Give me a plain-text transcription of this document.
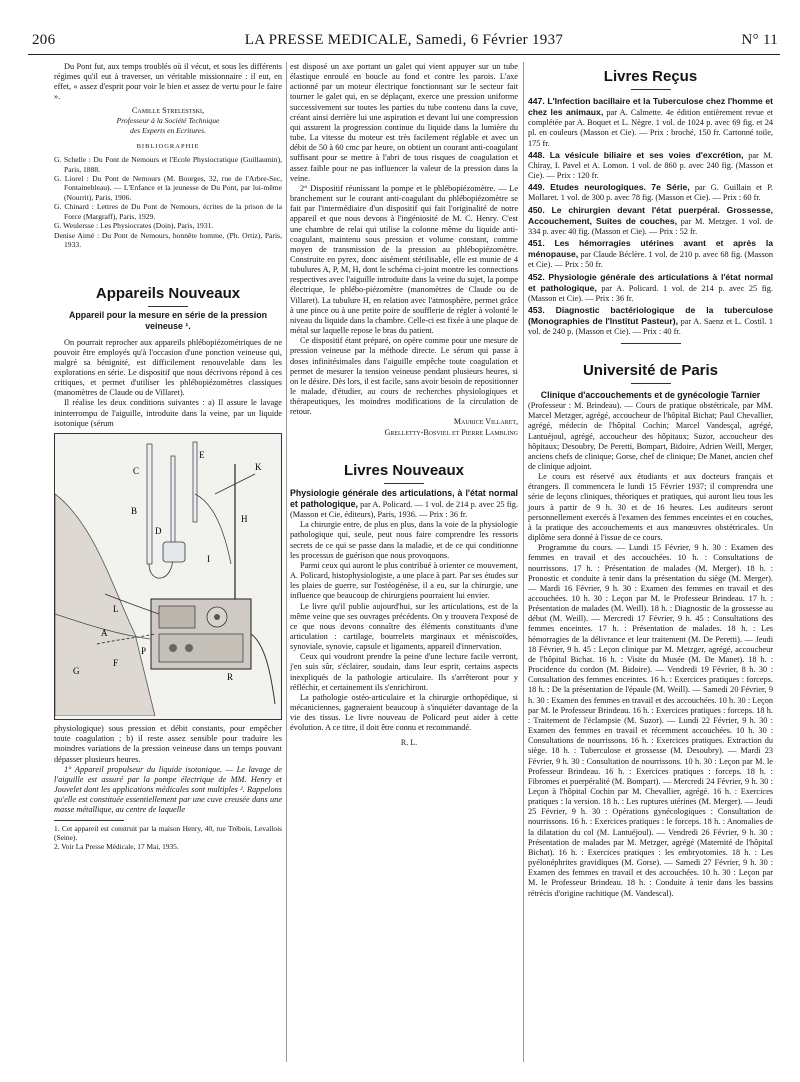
206	LA PRESSE MEDICALE, Samedi, 6 Février 1937	N° 11

Du Pont fut, aux temps troublés où il vécut, et sous les différents régimes qu'il eut à traverser, un véritable missionnaire : il eut, en effet, « assez d'esprit pour voir le bien et assez de vertu pour le faire ».

Camille Strelestski,

Professeur à la Société Technique

des Experts en Ecritures.

BIBLIOGRAPHIE

G. Schelle : Du Pont de Nemours et l'Ecole Physiocratique (Guillaumin), Paris, 1888.

G. Liorel : Du Pont de Nemours (M. Bourges, 32, rue de l'Arbre-Sec, Fontainebleau). — L'Enfance et la jeunesse de Du Pont, par lui-même (Nourrit), Paris, 1906.

G. Chinard : Lettres de Du Pont de Nemours, écrites de la prison de la Force (Margraff), Paris, 1929.

G. Weulersse : Les Physiocrates (Doin), Paris, 1931.

Denise Aimé : Du Pont de Nemours, honnête homme, (Ph. Ortiz), Paris, 1933.

Appareils Nouveaux
Appareil pour la mesure en série de la pression veineuse ¹.

On pourrait reprocher aux appareils phlébopiézométriques de ne pouvoir être employés qu'à l'occasion d'une ponction veineuse qui, malgré sa bénignité, est difficilement renouvelable dans les explorations en série. Le dispositif que nous décrivons répond à ces critiques, et permet d'utiliser les phlébopiézomètres classiques (manomètres de Claude ou de Villaret).

Il réalise les deux conditions suivantes : a) Il assure le lavage ininterrompu de l'aiguille, introduite dans la veine, par un liquide isotonique (sérum

C
B
D
E
K
H
I
L
A
P
F
G
R

physiologique) sous pression et débit constants, pour empêcher toute coagulation ; b) il reste assez sensible pour traduire les moindres variations de la pression veineuse dans un temps pouvant dépasser plusieurs heures.

1° Appareil propulseur du liquide isotonique. — Le lavage de l'aiguille est assuré par la pompe électrique de MM. Henry et Jouvelet dont les applications médicales sont multiples ². Rappelons qu'elle est constituée essentiellement par une cuve creusée dans une masse métallique, au centre de laquelle

1. Cet appareil est construit par la maison Henry, 40, rue Trébois, Levallois (Seine).

2. Voir La Presse Médicale, 17 Mai, 1935.

est disposé un axe portant un galet qui vient appuyer sur un tube élastique enroulé en boucle au fond et contre les parois. L'axe actionné par un moteur électrique fonctionnant sur le secteur fait tourner le galet qui, en se déplaçant, exerce une pression uniforme successivement sur toutes les parties du tube contenu dans la cuve, créant ainsi derrière lui une aspiration et devant lui une compression qui assurent la progression continue du liquide dans la lumière du tube. La vitesse du moteur est très facilement réglable et avec un débit de 50 à 60 cmc par heure, on obtient un courant anti-coagulant suffisant pour se mettre à l'abri de tous risques de coagulation et assez faible pour ne pas influencer la valeur de la pression dans la veine.

2° Dispositif réunissant la pompe et le phlébopiézomètre. — Le branchement sur le courant anti-coagulant du phlébopiézomètre se fait par l'intermédiaire d'un dispositif qui fait l'originalité de notre appareil et que nous devons à l'ingéniosité de M. C. Henry. C'est une chambre de relai qui utilise la colonne même du liquide anti-coagulant, maintenu sous pression et volume constant, comme moyen de transmission de la pression au phlébopiézomètre. Construite en pyrex, donc aisément stérilisable, elle est munie de 4 tubulures A, P, M, H, dont le schéma ci-joint montre les connections respectives avec l'aiguille introduite dans la veine du sujet, la pompe électrique, le phlébo-piézomètre (manomètres de Claude ou de Villaret). La tubulure H, en relation avec l'atmosphère, permet grâce à une pince ou à une petite poire de soufflerie de régler à volonté le niveau du liquide dans la chambre. Celle-ci est fixée à une plaque de métal sur laquelle repose le bras du patient.

Ce dispositif étant préparé, on opère comme pour une mesure de pression veineuse par la méthode directe. Le sérum qui passe à doses infinitésimales dans l'aiguille empêche toute coagulation et permet de mesurer la tension veineuse pendant plusieurs heures, si on le désire. Dès lors, il est facile, sans avoir besoin de repositionner le malade, d'étudier, au cours de recherches physiologiques et thérapeutiques, les moindres modifications de la circulation de retour.

Maurice Villaret,

Grelletty-Bosviel et Pierre Lambling

Livres Nouveaux

Physiologie générale des articulations, à l'état normal et pathologique, par A. Policard. — 1 vol. de 214 p. avec 25 fig. (Masson et Cie, éditeurs), Paris, 1936. — Prix : 36 fr.

La chirurgie entre, de plus en plus, dans la voie de la physiologie pathologique qui, seule, peut nous faire comprendre les ressorts secrets de ce qui se passe dans la maladie, et de ce qui conditionne les processus de guérison que nous provoquons.

Parmi ceux qui auront le plus contribué à orienter ce mouvement, A. Policard, histophysiologiste, a une place à part. Par ses études sur les plaies de guerre, sur l'ostéogénèse, il a eu, sur la chirurgie, une influence que beaucoup de chirurgiens pourraient lui envier.

Le livre qu'il publie aujourd'hui, sur les articulations, est de la même veine que ses ouvrages précédents. On y trouvera l'exposé de ce que nous devons connaître des éléments constituants d'une articulation : cartilage, bourrelets marginaux et méniscoïdes, synoviale, synovie, capsule et ligaments, appareil d'innervation.

Ceux qui voudront prendre la peine d'une lecture facile verront, j'en suis sûr, s'éclairer, soudain, dans leur esprit, certains aspects inexpliqués de la pathologie articulaire. Ils s'arrêteront pour y réfléchir, et certainement ils s'enrichiront.

La pathologie ostéo-articulaire et la chirurgie orthopédique, si mécaniciennes, gagneraient beaucoup à s'inquiéter davantage de la vie des tissus. Le livre nouveau de Policard peut aider à cette évolution. A ce titre, il doit être connu et recommandé.

R. L.

Livres Reçus

447. L'Infection bacillaire et la Tuberculose chez l'homme et chez les animaux, par A. Calmette. 4e édition entièrement revue et complétée par A. Boquet et L. Nègre. 1 vol. de 1024 p. avec 69 fig. et 24 pl. en couleurs (Masson et Cie). — Prix : broché, 150 fr. Cartonné toile, 175 fr.

448. La vésicule biliaire et ses voies d'excrétion, par M. Chiray, I. Pavel et A. Lomon. 1 vol. de 860 p. avec 240 fig. (Masson et Cie). — Prix : 120 fr.

449. Etudes neurologiques. 7e Série, par G. Guillain et P. Mollaret. 1 vol. de 300 p. avec 78 fig. (Masson et Cie). — Prix : 60 fr.

450. Le chirurgien devant l'état puerpéral. Grossesse, Accouchement, Suites de couches, par M. Metzger. 1 vol. de 334 p. avec 40 fig. (Masson et Cie). — Prix : 52 fr.

451. Les hémorragies utérines avant et après la ménopause, par Claude Béclère. 1 vol. de 210 p. avec 68 fig. (Masson et Cie). — Prix : 50 fr.

452. Physiologie générale des articulations à l'état normal et pathologique, par A. Policard. 1 vol. de 214 p. avec 25 fig. (Masson et Cie). — Prix : 36 fr.

453. Diagnostic bactériologique de la tuberculose (Monographies de l'Institut Pasteur), par A. Saenz et L. Costil. 1 vol. de 240 p. (Masson et Cie). — Prix : 40 fr.

Université de Paris
Clinique d'accouchements et de gynécologie Tarnier

(Professeur : M. Brindeau). — Cours de pratique obstétricale, par MM. Marcel Metzger, agrégé, accoucheur de l'hôpital Bichat; Paul Chevallier, agrégé, médecin de l'hôpital Cochin; Marcel Vandesçal, agrégé, Lantuéjoul, agrégé, accoucheur des hôpitaux; Suzor, accoucheur des hôpitaux; Desoubry, De Peretti, Bompart, Bidoire, Adrien Weill, Merger, anciens chefs de clinique; Gorse, chef de clinique; De Manet, ancien chef de clinique adjoint.

Le cours est réservé aux étudiants et aux docteurs français et étrangers. Il commencera le lundi 15 Février 1937; il comprendra une série de leçons cliniques, théoriques et pratiques, qui auront lieu tous les jours à partir de 9 h. 30 et de 16 heures. Les auditeurs seront personnellement exercés à l'examen des femmes enceintes et en couches, à la pratique des accouchements et aux manœuvres obstétricales. Un diplôme sera donné à l'issue de ce cours.

Programme du cours. — Lundi 15 Février, 9 h. 30 : Examen des femmes en travail et des accouchées. 10 h. : Consultations de nourrissons. 17 h. : Présentation de malades (M. Merger). 18 h. : Pronostic et conduite à tenir dans la présentation du siège (M. Merger). — Mardi 16 Février, 9 h. 30 : Examen des femmes en travail et des accouchées. 10 h. 30 : Leçon par M. le Professeur Brindeau. 17 h. : Présentation de malades (M. Weill). 18 h. : Diagnostic de la grossesse au début (M. Weill). — Mercredi 17 Février, 9 h. 45 : Consultations des femmes enceintes. 17 h. : Présentation de malades. 18 h. : Les hémorragies de la délivrance et leur traitement (M. De Peretti). — Jeudi 18 Février, 9 h. 45 : Leçon clinique par M. Metzger, agrégé, accoucheur de l'hôpital Bichat. 16 h. : Visite du Musée (M. De Manet). 18 h. : Procidence du cordon (M. Bidoire). — Vendredi 19 Février, 8 h. 30 : Consultation des femmes enceintes. 16 h. : Exercices pratiques : forceps. 18 h. : De la présentation de l'épaule (M. Weill). — Samedi 20 Février, 9 h. 30 : Examen des femmes en travail et des accouchées. 10 h. 30 : Leçon par M. le Professeur Brindeau. 16 h. : Exercices pratiques : forceps. 18 h. : Traitement de l'éclampsie (M. Suzor). — Lundi 22 Février, 9 h. 30 : Examen des femmes en travail et récemment accouchées. 10 h. 30 : Consultations de nourrissons. 16 h. : Exercices pratiques. Extraction du siège. 18 h. : Tuberculose et grossesse (M. Desoubry). — Mardi 23 Février, 9 h. 30 : Consultation de nourrissons. 10 h. 30 : Leçon par M. le Professeur Brindeau. 16 h. : Exercices pratiques : forceps. 18 h. : Fibromes et puerpéralité (M. Bompart). — Mercredi 24 Février, 9 h. 30 : Leçon à l'hôpital Cochin par M. Chevallier, agrégé. 16 h. : Exercices pratiques : la version. 18 h. : Les ruptures utérines (M. Merger). — Jeudi 25 Février, 9 h. 30 : Opérations gynécologiques : Consultation de nourrissons. 16 h. : Exercices pratiques : le forceps. 18 h. : Anomalies de la dilatation du col (M. Lantuéjoul). — Vendredi 26 Février, 9 h. 30 : Présentation de malades par M. Metzger, agrégé (Maternité de l'hôpital Bichat). 16 h. : Exercices pratiques : les embryotomies. 18 h. : Les pyélonéphrites gravidiques (M. Gorse). — Samedi 27 Février, 9 h. 30 : Examen des femmes en travail et des accouchées. 10 h. 30 : Leçon par M. le Professeur Brindeau. 18 h. : Conduite à tenir dans les bassins rétrécis d'origine rachitique (M. Vandescal).
